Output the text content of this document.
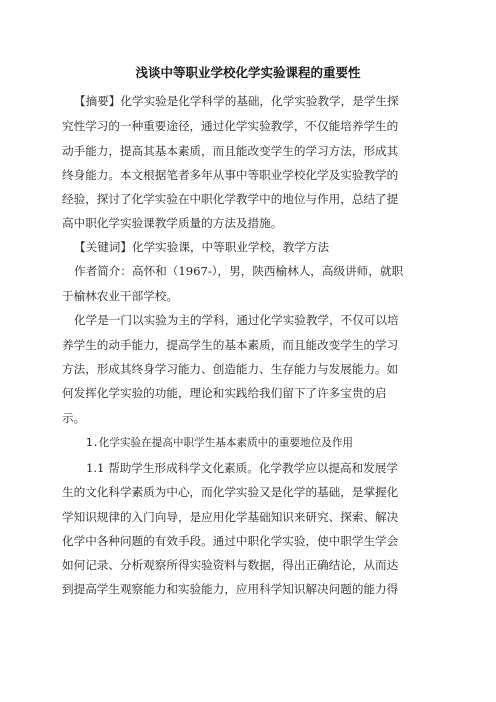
浅谈中等职业学校化学实验课程的重要性
【摘要】化学实验是化学科学的基础，化学实验教学，是学生探
究性学习的一种重要途径，通过化学实验教学，不仅能培养学生的
动手能力，提高其基本素质，而且能改变学生的学习方法，形成其
终身能力。本文根据笔者多年从事中等职业学校化学及实验教学的
经验，探讨了化学实验在中职化学教学中的地位与作用，总结了提
高中职化学实验课教学质量的方法及措施。
【关键词】化学实验课，中等职业学校，教学方法
作者简介：高怀和（1967-），男，陕西榆林人，高级讲师，就职
于榆林农业干部学校。
化学是一门以实验为主的学科，通过化学实验教学，不仅可以培
养学生的动手能力，提高学生的基本素质，而且能改变学生的学习
方法，形成其终身学习能力、创造能力、生存能力与发展能力。如
何发挥化学实验的功能，理论和实践给我们留下了许多宝贵的启
示。
1.化学实验在提高中职学生基本素质中的重要地位及作用
1.1 帮助学生形成科学文化素质。化学教学应以提高和发展学
生的文化科学素质为中心，而化学实验又是化学的基础，是掌握化
学知识规律的入门向导，是应用化学基础知识来研究、探索、解决
化学中各种问题的有效手段。通过中职化学实验，使中职学生学会
如何记录、分析观察所得实验资料与数据，得出正确结论，从而达
到提高学生观察能力和实验能力，应用科学知识解决问题的能力得
